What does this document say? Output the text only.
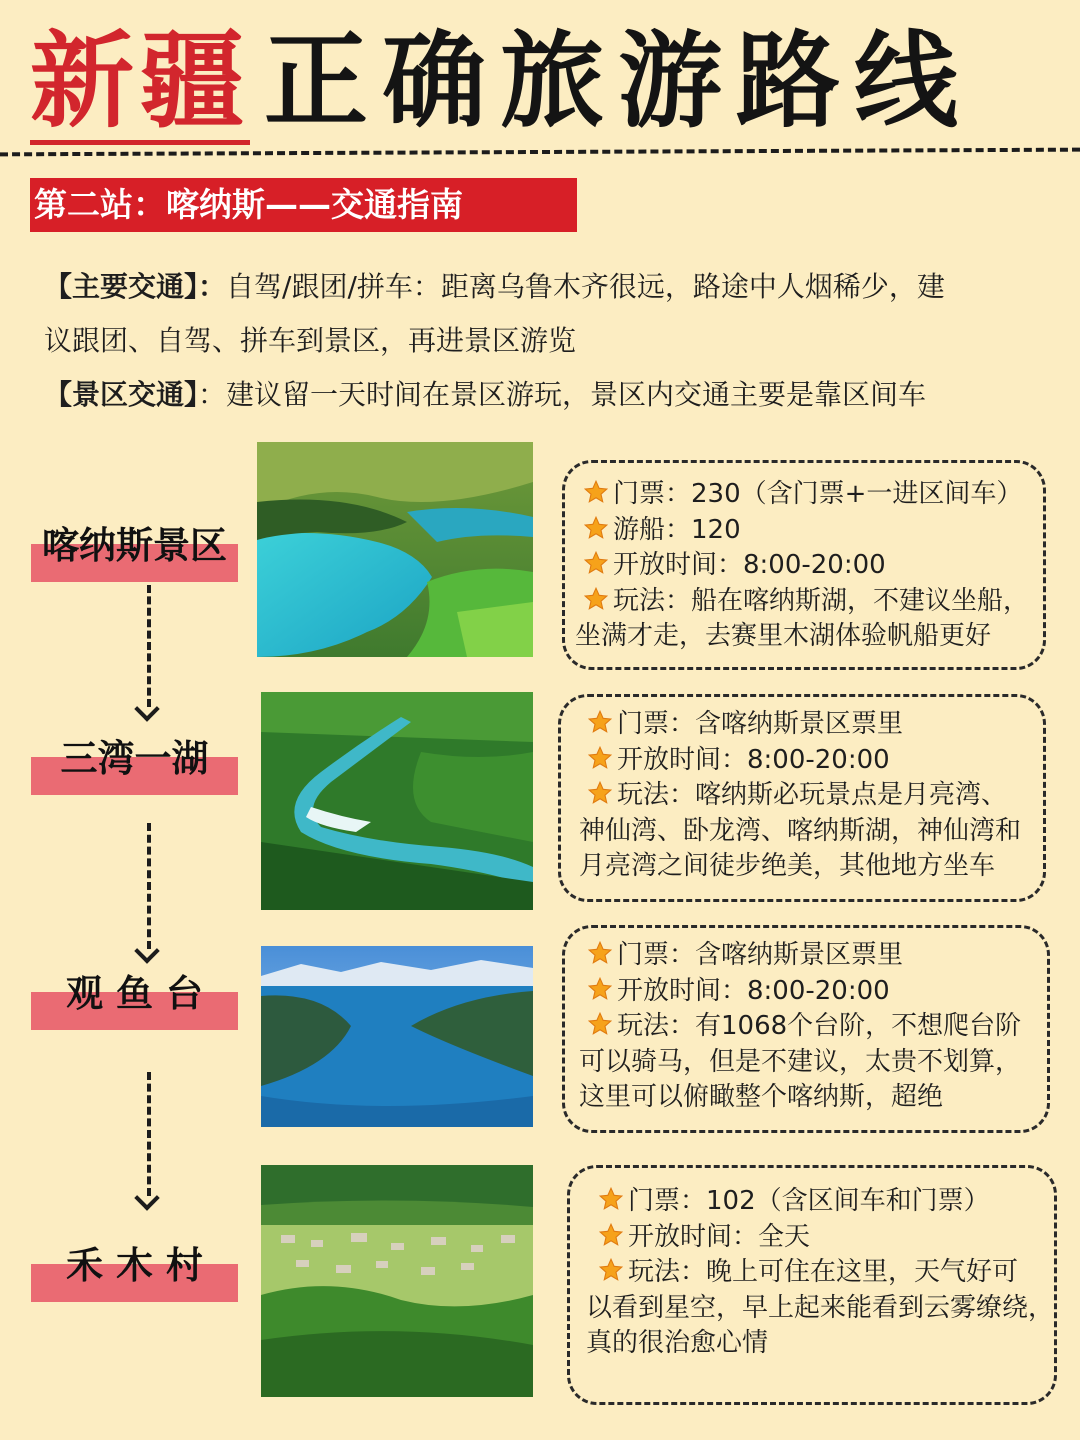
新疆 正确旅游路线
第二站：喀纳斯——交通指南
【主要交通】：自驾/跟团/拼车：距离乌鲁木齐很远，路途中人烟稀少，建
议跟团、自驾、拼车到景区，再进景区游览
【景区交通】：建议留一天时间在景区游玩，景区内交通主要是靠区间车
喀纳斯景区
三湾一湖
观 鱼 台
禾 木 村
门票：230（含门票+一进区间车）
游船：120
开放时间：8:00-20:00
玩法：船在喀纳斯湖，不建议坐船，
坐满才走，去赛里木湖体验帆船更好
门票：含喀纳斯景区票里
开放时间：8:00-20:00
玩法：喀纳斯必玩景点是月亮湾、
神仙湾、卧龙湾、喀纳斯湖，神仙湾和
月亮湾之间徒步绝美，其他地方坐车
门票：含喀纳斯景区票里
开放时间：8:00-20:00
玩法：有1068个台阶，不想爬台阶
可以骑马，但是不建议，太贵不划算，
这里可以俯瞰整个喀纳斯，超绝
门票：102（含区间车和门票）
开放时间：全天
玩法：晚上可住在这里，天气好可
以看到星空，早上起来能看到云雾缭绕，
真的很治愈心情
